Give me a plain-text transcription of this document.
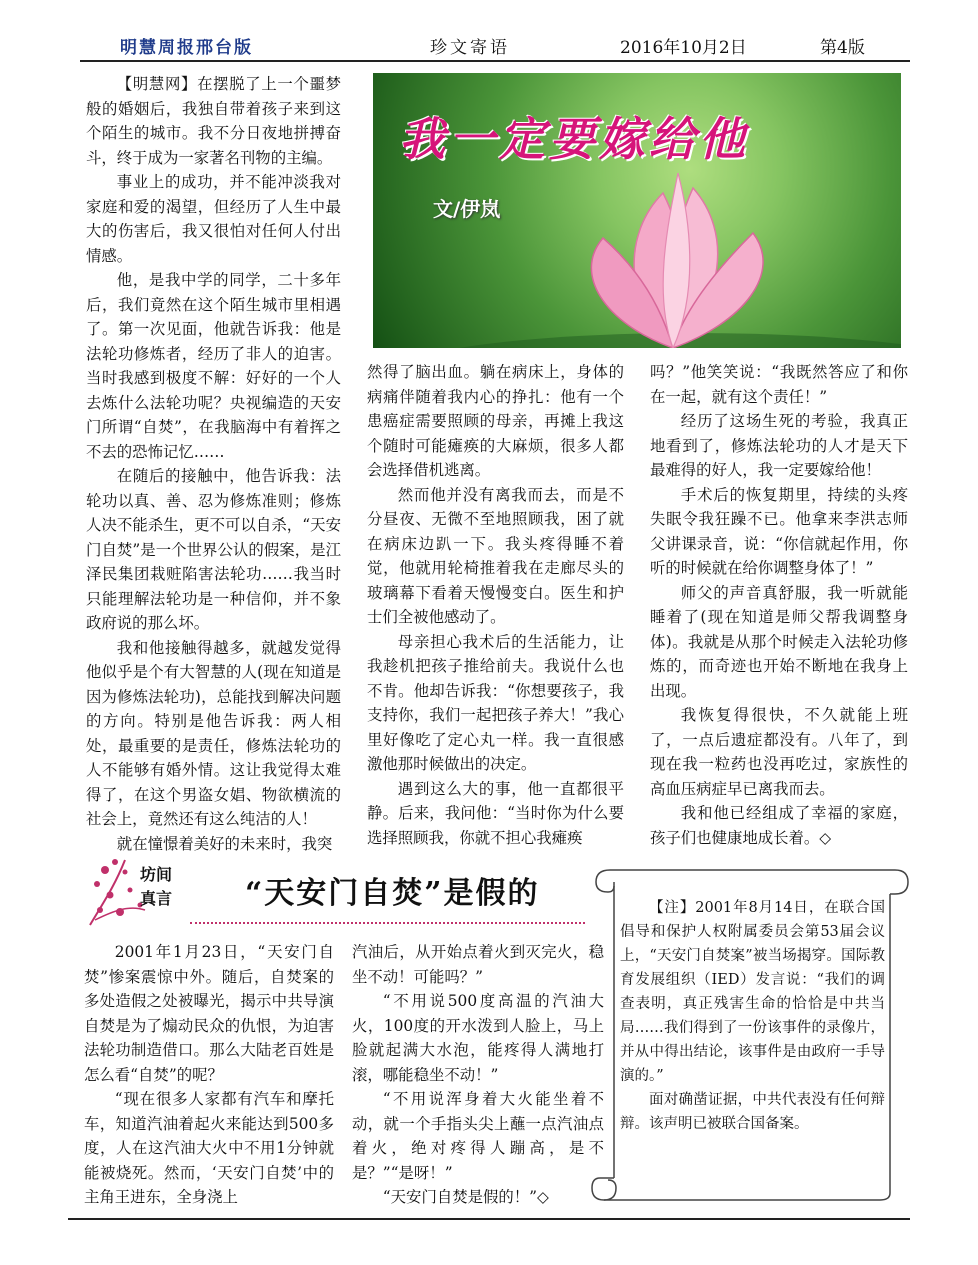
明慧周报邢台版	珍文寄语	2016年10月2日	第4版

【明慧网】在摆脱了上一个噩梦般的婚姻后，我独自带着孩子来到这个陌生的城市。我不分日夜地拼搏奋斗，终于成为一家著名刊物的主编。

事业上的成功，并不能冲淡我对家庭和爱的渴望，但经历了人生中最大的伤害后，我又很怕对任何人付出情感。

他，是我中学的同学，二十多年后，我们竟然在这个陌生城市里相遇了。第一次见面，他就告诉我：他是法轮功修炼者，经历了非人的迫害。当时我感到极度不解：好好的一个人去炼什么法轮功呢？央视编造的天安门所谓“自焚”，在我脑海中有着挥之不去的恐怖记忆……

在随后的接触中，他告诉我：法轮功以真、善、忍为修炼准则；修炼人决不能杀生，更不可以自杀，“天安门自焚”是一个世界公认的假案，是江泽民集团栽赃陷害法轮功……我当时只能理解法轮功是一种信仰，并不象政府说的那么坏。

我和他接触得越多，就越发觉得他似乎是个有大智慧的人(现在知道是因为修炼法轮功)，总能找到解决问题的方向。特别是他告诉我：两人相处，最重要的是责任，修炼法轮功的人不能够有婚外情。这让我觉得太难得了，在这个男盗女娼、物欲横流的社会上，竟然还有这么纯洁的人！

就在憧憬着美好的未来时，我突

我一定要嫁给他
文/伊岚

然得了脑出血。躺在病床上，身体的病痛伴随着我内心的挣扎：他有一个患癌症需要照顾的母亲，再摊上我这个随时可能瘫痪的大麻烦，很多人都会选择借机逃离。

然而他并没有离我而去，而是不分昼夜、无微不至地照顾我，困了就在病床边趴一下。我头疼得睡不着觉，他就用轮椅推着我在走廊尽头的玻璃幕下看着天慢慢变白。医生和护士们全被他感动了。

母亲担心我术后的生活能力，让我趁机把孩子推给前夫。我说什么也不肯。他却告诉我：“你想要孩子，我支持你，我们一起把孩子养大！”我心里好像吃了定心丸一样。我一直很感激他那时候做出的决定。

遇到这么大的事，他一直都很平静。后来，我问他：“当时你为什么要选择照顾我，你就不担心我瘫痪

吗？”他笑笑说：“我既然答应了和你在一起，就有这个责任！”

经历了这场生死的考验，我真正地看到了，修炼法轮功的人才是天下最难得的好人，我一定要嫁给他！

手术后的恢复期里，持续的头疼失眠令我狂躁不已。他拿来李洪志师父讲课录音，说：“你信就起作用，你听的时候就在给你调整身体了！”

师父的声音真舒服，我一听就能睡着了(现在知道是师父帮我调整身体)。我就是从那个时候走入法轮功修炼的，而奇迹也开始不断地在我身上出现。

我恢复得很快，不久就能上班了，一点后遗症都没有。八年了，到现在我一粒药也没再吃过，家族性的高血压病症早已离我而去。

我和他已经组成了幸福的家庭，孩子们也健康地成长着。◇

坊间
真言 “天安门自焚”是假的

2001年1月23日，“天安门自焚”惨案震惊中外。随后，自焚案的多处造假之处被曝光，揭示中共导演自焚是为了煽动民众的仇恨，为迫害法轮功制造借口。那么大陆老百姓是怎么看“自焚”的呢？

“现在很多人家都有汽车和摩托车，知道汽油着起火来能达到500多度，人在这汽油大火中不用1分钟就能被烧死。然而，‘天安门自焚’中的主角王进东，全身浇上

汽油后，从开始点着火到灭完火，稳坐不动！可能吗？”

“不用说500度高温的汽油大火，100度的开水泼到人脸上，马上脸就起满大水泡，能疼得人满地打滚，哪能稳坐不动！”

“不用说浑身着大火能坐着不动，就一个手指头尖上蘸一点汽油点着火，绝对疼得人蹦高，是不是？”“是呀！”

“天安门自焚是假的！”◇

【注】2001年8月14日，在联合国倡导和保护人权附属委员会第53届会议上，“天安门自焚案”被当场揭穿。国际教育发展组织（IED）发言说：“我们的调查表明，真正残害生命的恰恰是中共当局……我们得到了一份该事件的录像片，并从中得出结论，该事件是由政府一手导演的。”

面对确凿证据，中共代表没有任何辩辩。该声明已被联合国备案。
